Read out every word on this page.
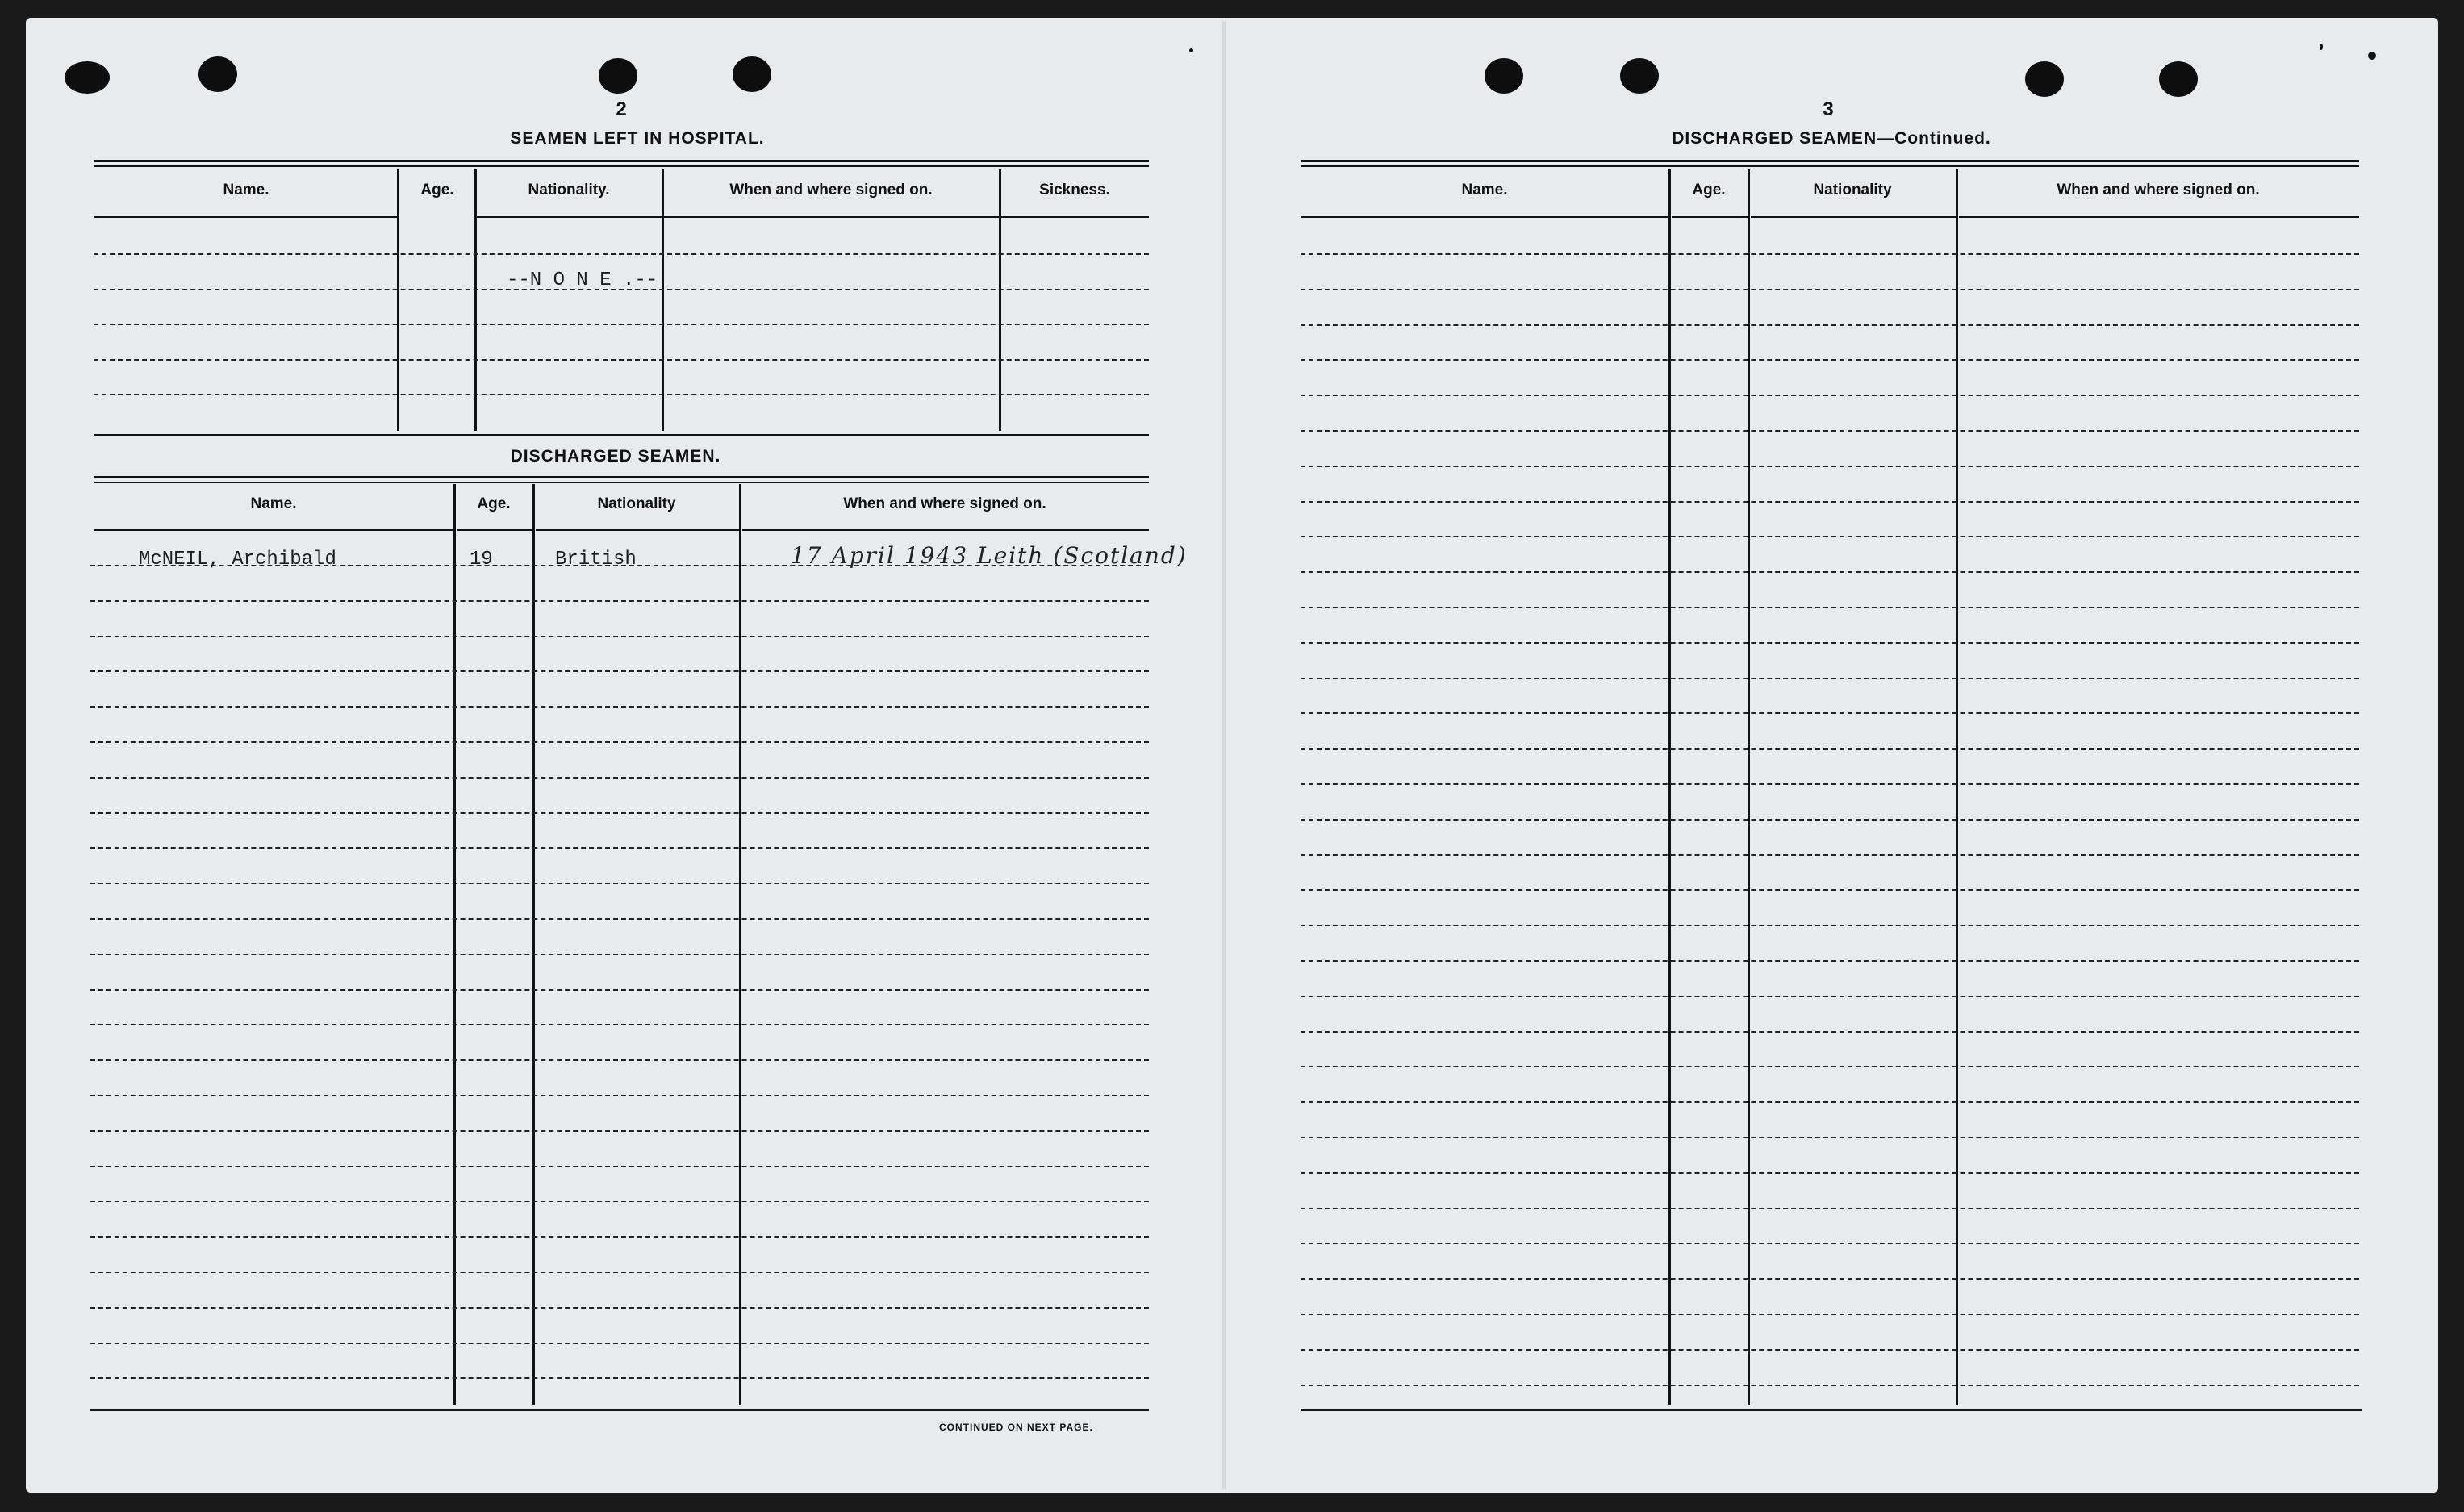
2
SEAMEN LEFT IN HOSPITAL.
Name.	Age.	Nationality.	When and where signed on.	Sickness.
--N O N E .--
DISCHARGED SEAMEN.
Name.	Age.	Nationality	When and where signed on.
McNEIL, Archibald	19	British	17 April 1943 Leith (Scotland)
CONTINUED ON NEXT PAGE.
3
DISCHARGED SEAMEN—Continued.
Name.	Age.	Nationality	When and where signed on.
